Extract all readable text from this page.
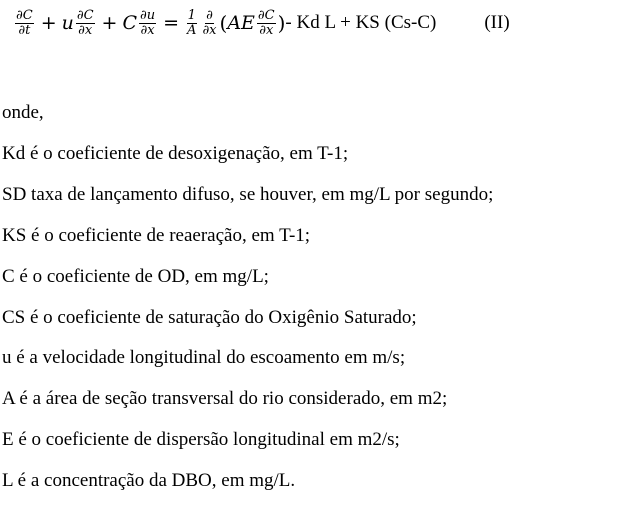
$\frac{\partial C}{\partial t} + u \frac{\partial C}{\partial x} + C \frac{\partial u}{\partial x} = \frac{1}{A} \frac{\partial}{\partial x}$ ( AE $\frac{\partial C}{\partial x}$ ) - Kd L + KS (Cs-C)	(II)
onde,
Kd é o coeficiente de desoxigenação, em T-1;
SD taxa de lançamento difuso, se houver, em mg/L por segundo;
KS é o coeficiente de reaeração, em T-1;
C é o coeficiente de OD, em mg/L;
CS é o coeficiente de saturação do Oxigênio Saturado;
u é a velocidade longitudinal do escoamento em m/s;
A é a área de seção transversal do rio considerado, em m2;
E é o coeficiente de dispersão longitudinal em m2/s;
L é a concentração da DBO, em mg/L.
